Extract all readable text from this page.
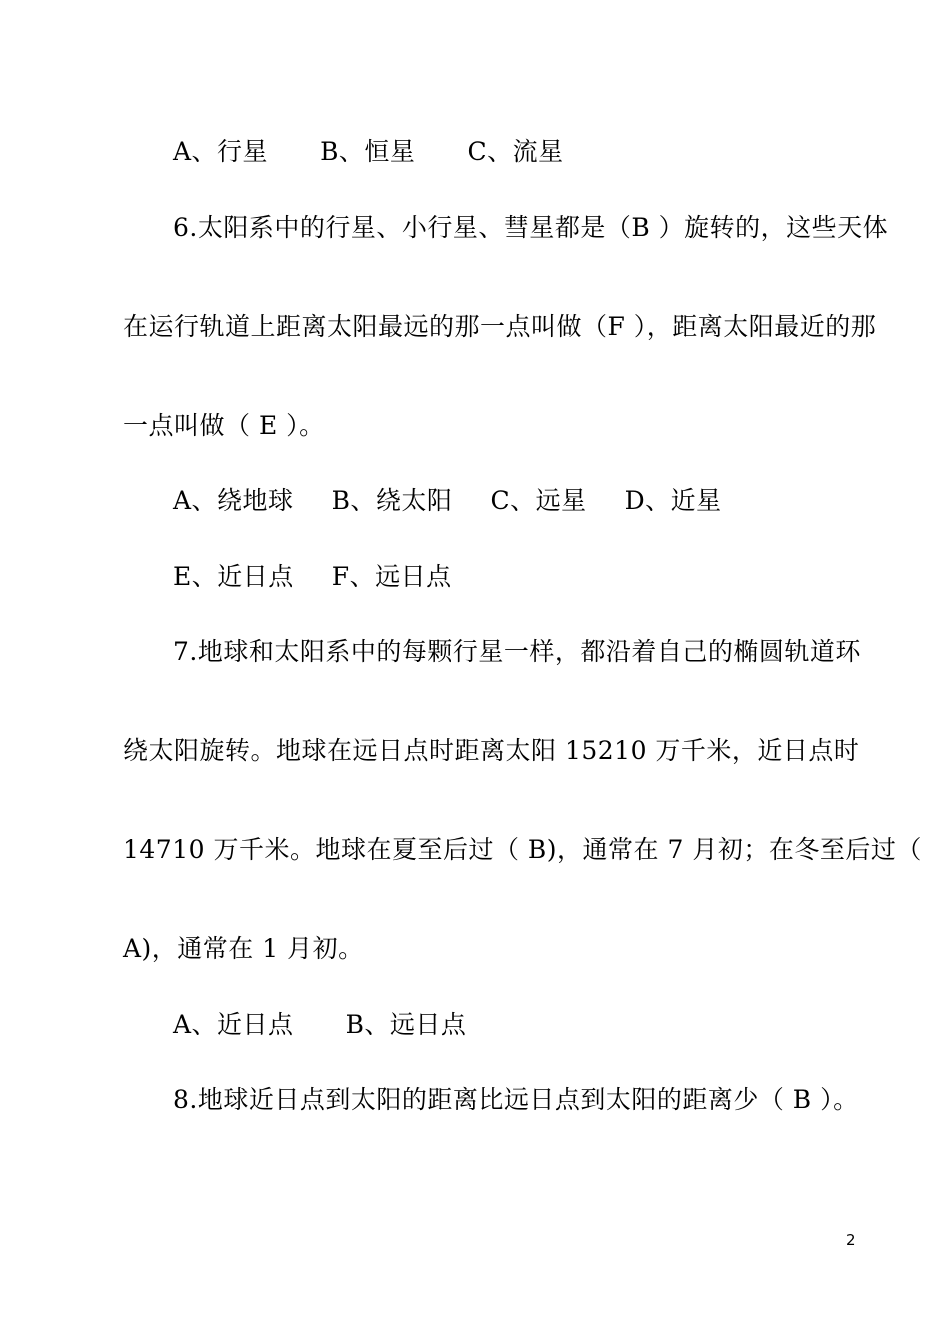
A、行星 B、恒星 C、流星
6.太阳系中的行星、小行星、彗星都是（B ）旋转的，这些天体
在运行轨道上距离太阳最远的那一点叫做（F ），距离太阳最近的那
一点叫做（ E ）。
A、绕地球 B、绕太阳 C、远星 D、近星
E、近日点 F、远日点
7.地球和太阳系中的每颗行星一样，都沿着自己的椭圆轨道环
绕太阳旋转。地球在远日点时距离太阳 15210 万千米，近日点时
14710 万千米。地球在夏至后过（ B)，通常在 7 月初；在冬至后过（
A)，通常在 1 月初。
A、近日点 B、远日点
8.地球近日点到太阳的距离比远日点到太阳的距离少（ B ）。
2
